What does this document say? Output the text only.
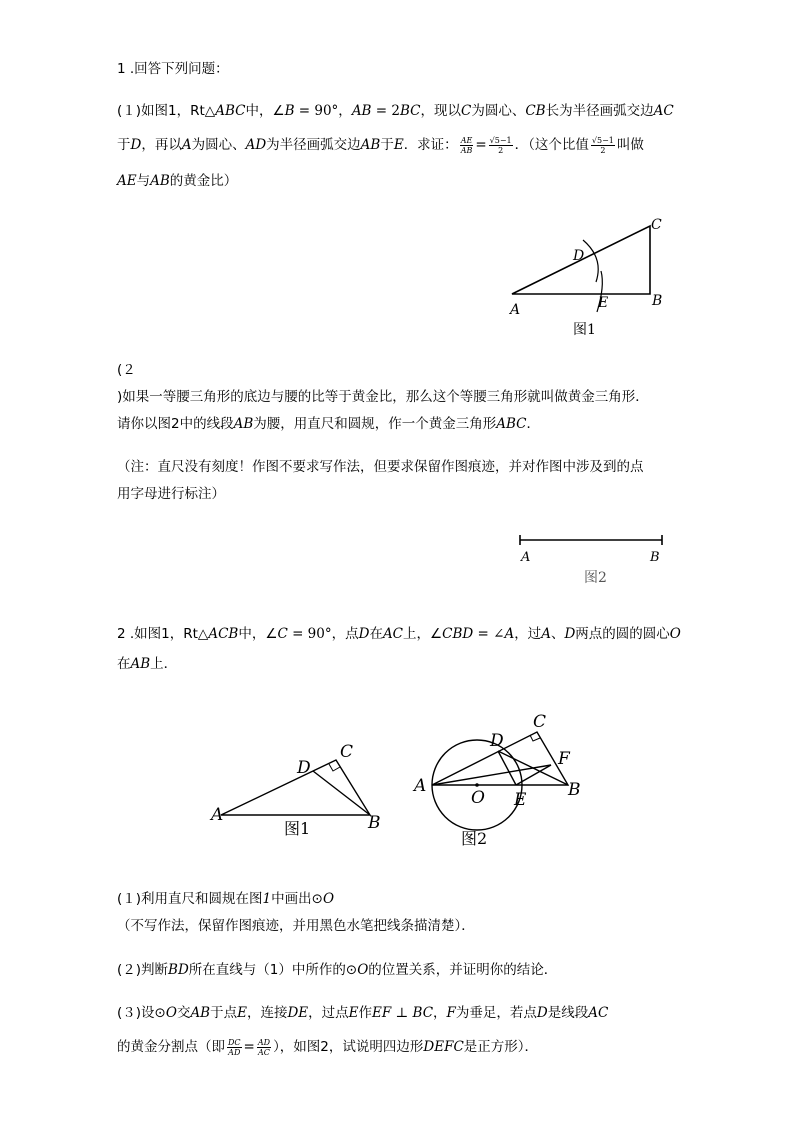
1 .回答下列问题：
(１)如图1，Rt△ABC中，∠B = 90°，AB = 2BC，现以C为圆心、CB长为半径画弧交边AC
于D，再以A为圆心、AD为半径画弧交边AB于E．求证： $\frac{AE}{AB} = \frac{√5-1}{2}$ ．（这个比值 $\frac{√5-1}{2}$ 叫做
AE与AB的黄金比）
(２
)如果一等腰三角形的底边与腰的比等于黄金比，那么这个等腰三角形就叫做黄金三角形．
请你以图2中的线段AB为腰，用直尺和圆规，作一个黄金三角形ABC．
（注：直尺没有刻度！作图不要求写作法，但要求保留作图痕迹，并对作图中涉及到的点
用字母进行标注）
2 .如图1，Rt△ACB中，∠C = 90°，点D在AC上，∠CBD = ∠A，过A、D两点的圆的圆心O
在AB上．
(１)利用直尺和圆规在图1中画出⊙O
（不写作法，保留作图痕迹，并用黑色水笔把线条描清楚）．
(２)判断BD所在直线与（1）中所作的⊙O的位置关系，并证明你的结论．
(３)设⊙O交AB于点E，连接DE，过点E作EF ⊥ BC，F为垂足，若点D是线段AC
的黄金分割点（即 $\frac{DC}{AD} = \frac{AD}{AC}$ ），如图2，试说明四边形DEFC是正方形）．
A
B
C
D
E
图1
A	B
图2
A	B
C
D
图1
A	B
C
D
E
F
O
图2
